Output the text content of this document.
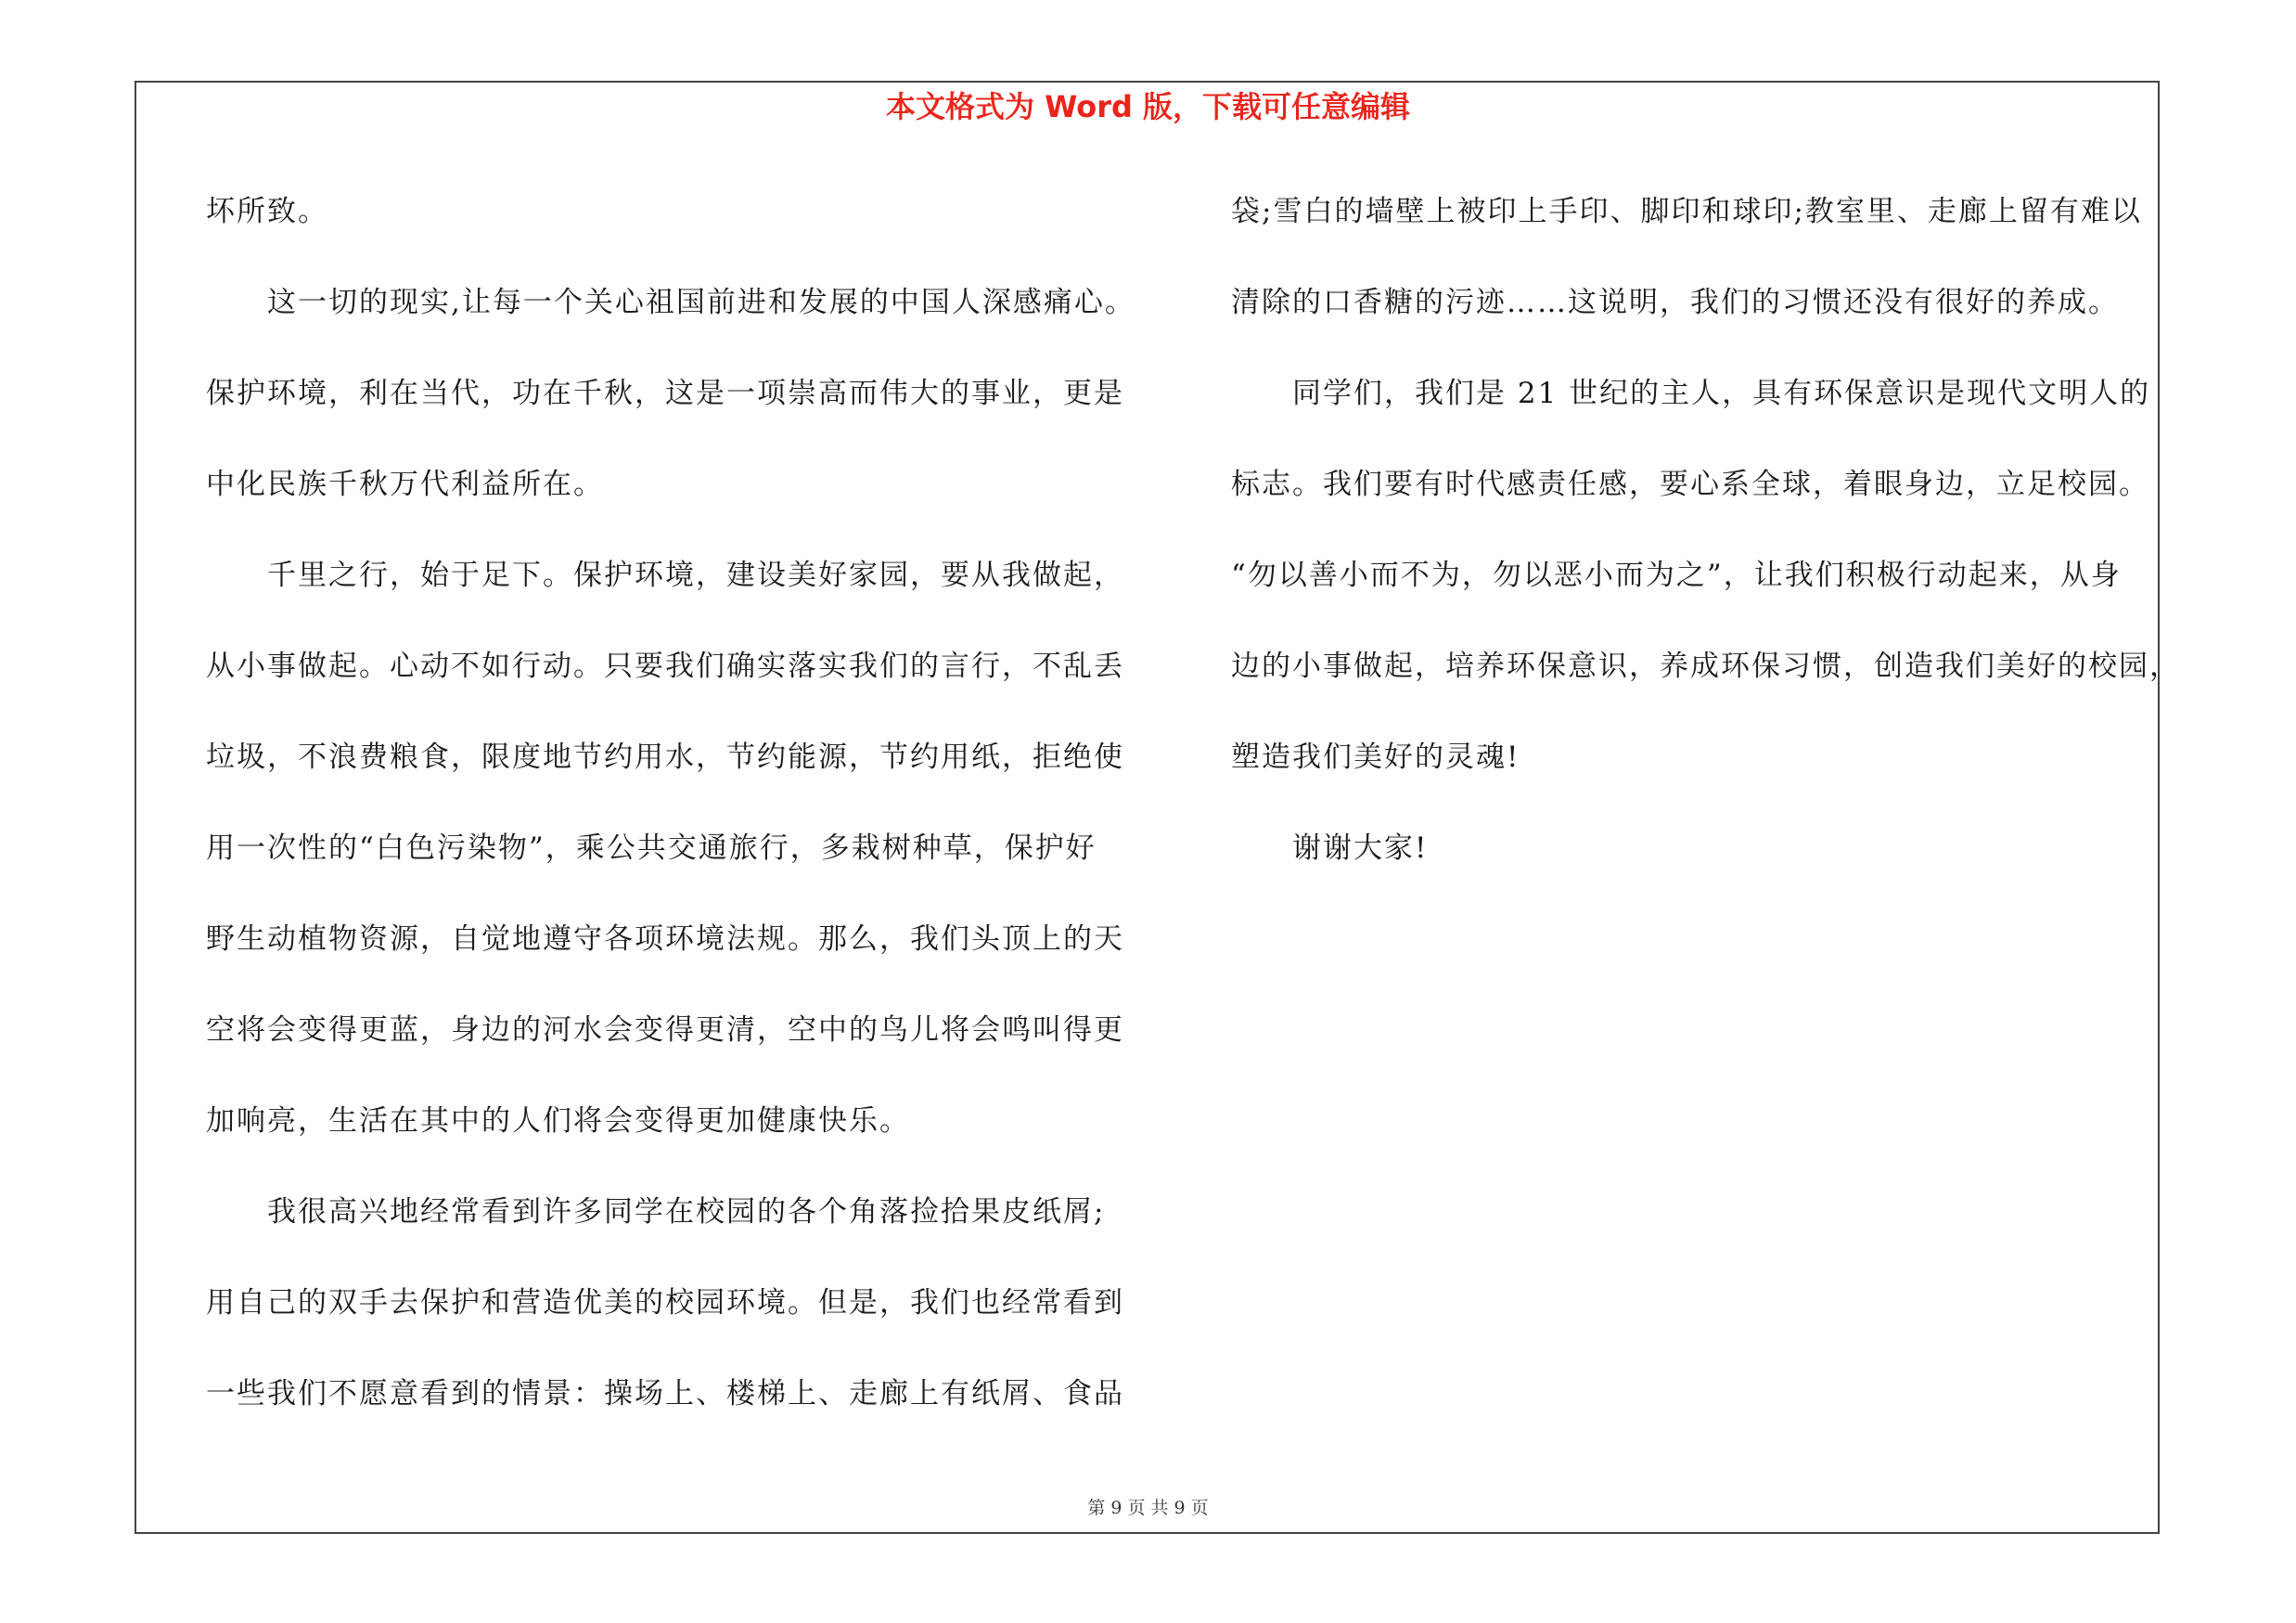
本文格式为 Word 版，下载可任意编辑
坏所致。
这一切的现实,让每一个关心祖国前进和发展的中国人深感痛心。
保护环境，利在当代，功在千秋，这是一项崇高而伟大的事业，更是
中化民族千秋万代利益所在。
千里之行，始于足下。保护环境，建设美好家园，要从我做起，
从小事做起。心动不如行动。只要我们确实落实我们的言行，不乱丢
垃圾，不浪费粮食，限度地节约用水，节约能源，节约用纸，拒绝使
用一次性的“白色污染物”，乘公共交通旅行，多栽树种草，保护好
野生动植物资源，自觉地遵守各项环境法规。那么，我们头顶上的天
空将会变得更蓝，身边的河水会变得更清，空中的鸟儿将会鸣叫得更
加响亮，生活在其中的人们将会变得更加健康快乐。
我很高兴地经常看到许多同学在校园的各个角落捡拾果皮纸屑;
用自己的双手去保护和营造优美的校园环境。但是，我们也经常看到
一些我们不愿意看到的情景：操场上、楼梯上、走廊上有纸屑、食品
袋;雪白的墙壁上被印上手印、脚印和球印;教室里、走廊上留有难以
清除的口香糖的污迹……这说明，我们的习惯还没有很好的养成。
同学们，我们是 21 世纪的主人，具有环保意识是现代文明人的
标志。我们要有时代感责任感，要心系全球，着眼身边，立足校园。
“勿以善小而不为，勿以恶小而为之”，让我们积极行动起来，从身
边的小事做起，培养环保意识，养成环保习惯，创造我们美好的校园，
塑造我们美好的灵魂!
谢谢大家!
第 9 页 共 9 页
